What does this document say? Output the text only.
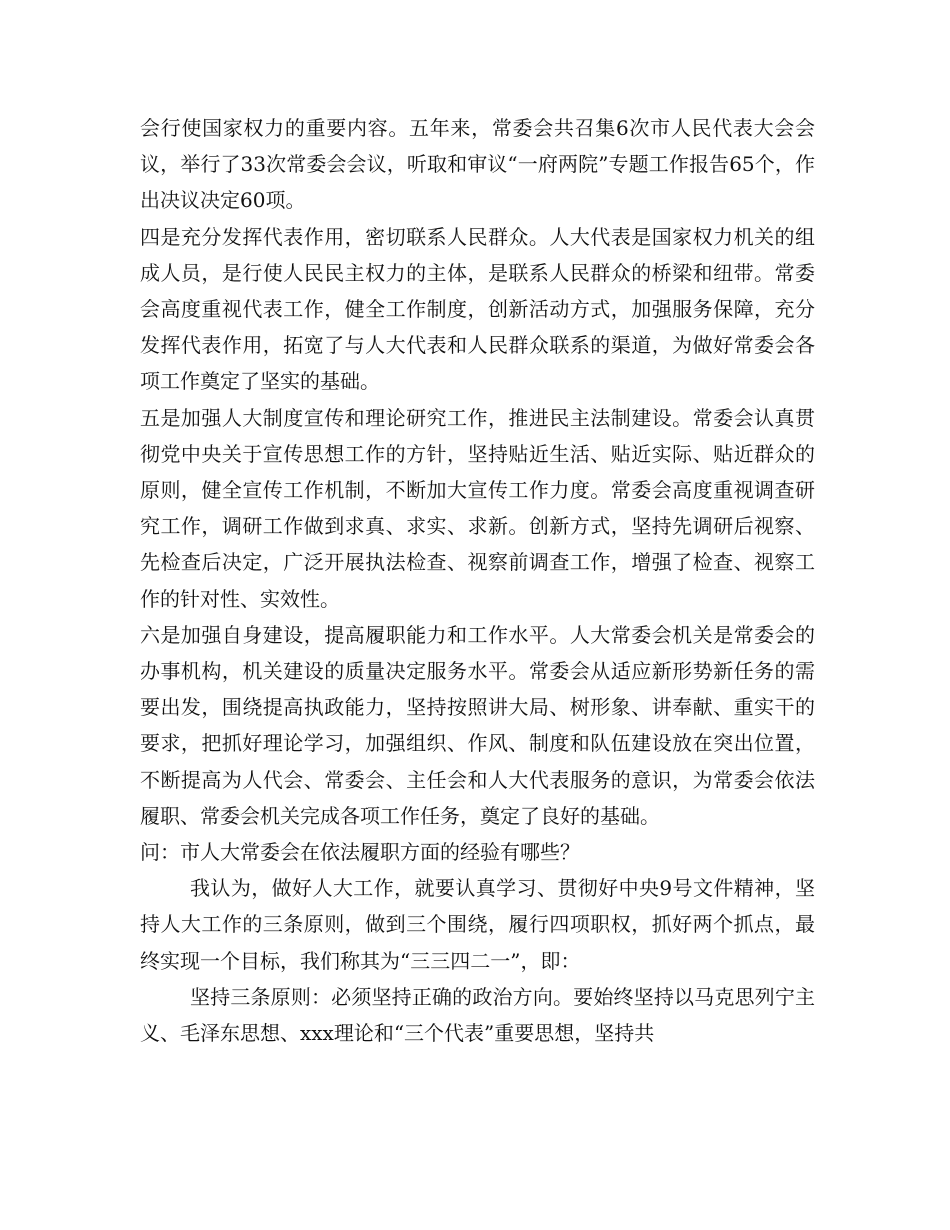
会行使国家权力的重要内容。五年来，常委会共召集6次市人民代表大会会议，举行了33次常委会会议，听取和审议“一府两院”专题工作报告65个，作出决议决定60项。

四是充分发挥代表作用，密切联系人民群众。人大代表是国家权力机关的组成人员，是行使人民民主权力的主体，是联系人民群众的桥梁和纽带。常委会高度重视代表工作，健全工作制度，创新活动方式，加强服务保障，充分发挥代表作用，拓宽了与人大代表和人民群众联系的渠道，为做好常委会各项工作奠定了坚实的基础。

五是加强人大制度宣传和理论研究工作，推进民主法制建设。常委会认真贯彻党中央关于宣传思想工作的方针，坚持贴近生活、贴近实际、贴近群众的原则，健全宣传工作机制，不断加大宣传工作力度。常委会高度重视调查研究工作，调研工作做到求真、求实、求新。创新方式，坚持先调研后视察、先检查后决定，广泛开展执法检查、视察前调查工作，增强了检查、视察工作的针对性、实效性。

六是加强自身建设，提高履职能力和工作水平。人大常委会机关是常委会的办事机构，机关建设的质量决定服务水平。常委会从适应新形势新任务的需要出发，围绕提高执政能力，坚持按照讲大局、树形象、讲奉献、重实干的要求，把抓好理论学习，加强组织、作风、制度和队伍建设放在突出位置，不断提高为人代会、常委会、主任会和人大代表服务的意识，为常委会依法履职、常委会机关完成各项工作任务，奠定了良好的基础。

问：市人大常委会在依法履职方面的经验有哪些？

我认为，做好人大工作，就要认真学习、贯彻好中央9号文件精神，坚持人大工作的三条原则，做到三个围绕，履行四项职权，抓好两个抓点，最终实现一个目标，我们称其为“三三四二一”，即：

坚持三条原则：必须坚持正确的政治方向。要始终坚持以马克思列宁主义、毛泽东思想、xxx理论和“三个代表”重要思想，坚持共
